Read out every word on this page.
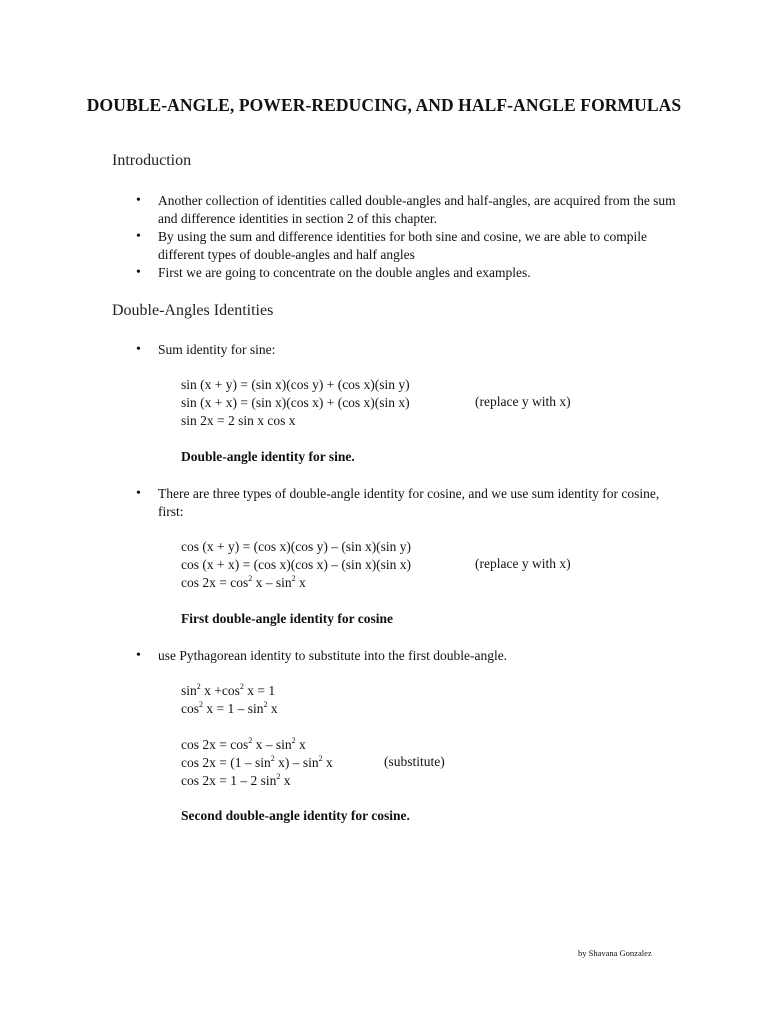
DOUBLE-ANGLE, POWER-REDUCING, AND HALF-ANGLE FORMULAS
Introduction
• Another collection of identities called double-angles and half-angles, are acquired from the sum and difference identities in section 2 of this chapter.
• By using the sum and difference identities for both sine and cosine, we are able to compile different types of double-angles and half angles
• First we are going to concentrate on the double angles and examples.
Double-Angles Identities
• Sum identity for sine:
sin (x + y) = (sin x)(cos y) + (cos x)(sin y)
sin (x + x) = (sin x)(cos x) + (cos x)(sin x)	(replace y with x)
sin 2x = 2 sin x cos x
Double-angle identity for sine.
• There are three types of double-angle identity for cosine, and we use sum identity for cosine, first:
cos (x + y) = (cos x)(cos y) – (sin x)(sin y)
cos (x + x) = (cos x)(cos x) – (sin x)(sin x)	(replace y with x)
$\cos 2x = \cos^2 x - \sin^2 x$
First double-angle identity for cosine
• use Pythagorean identity to substitute into the first double-angle.
$\sin^2 x +\cos^2$ x = 1
$\cos^2 x = 1 - \sin^2 x$
$\cos 2x = \cos^2 x - \sin^2 x$
$\cos 2x = (1 - \sin^2 x) - \sin^2 x$	(substitute)
cos 2x = 1 – 2 $\sin^2 x$
Second double-angle identity for cosine.
by Shavana Gonzalez
